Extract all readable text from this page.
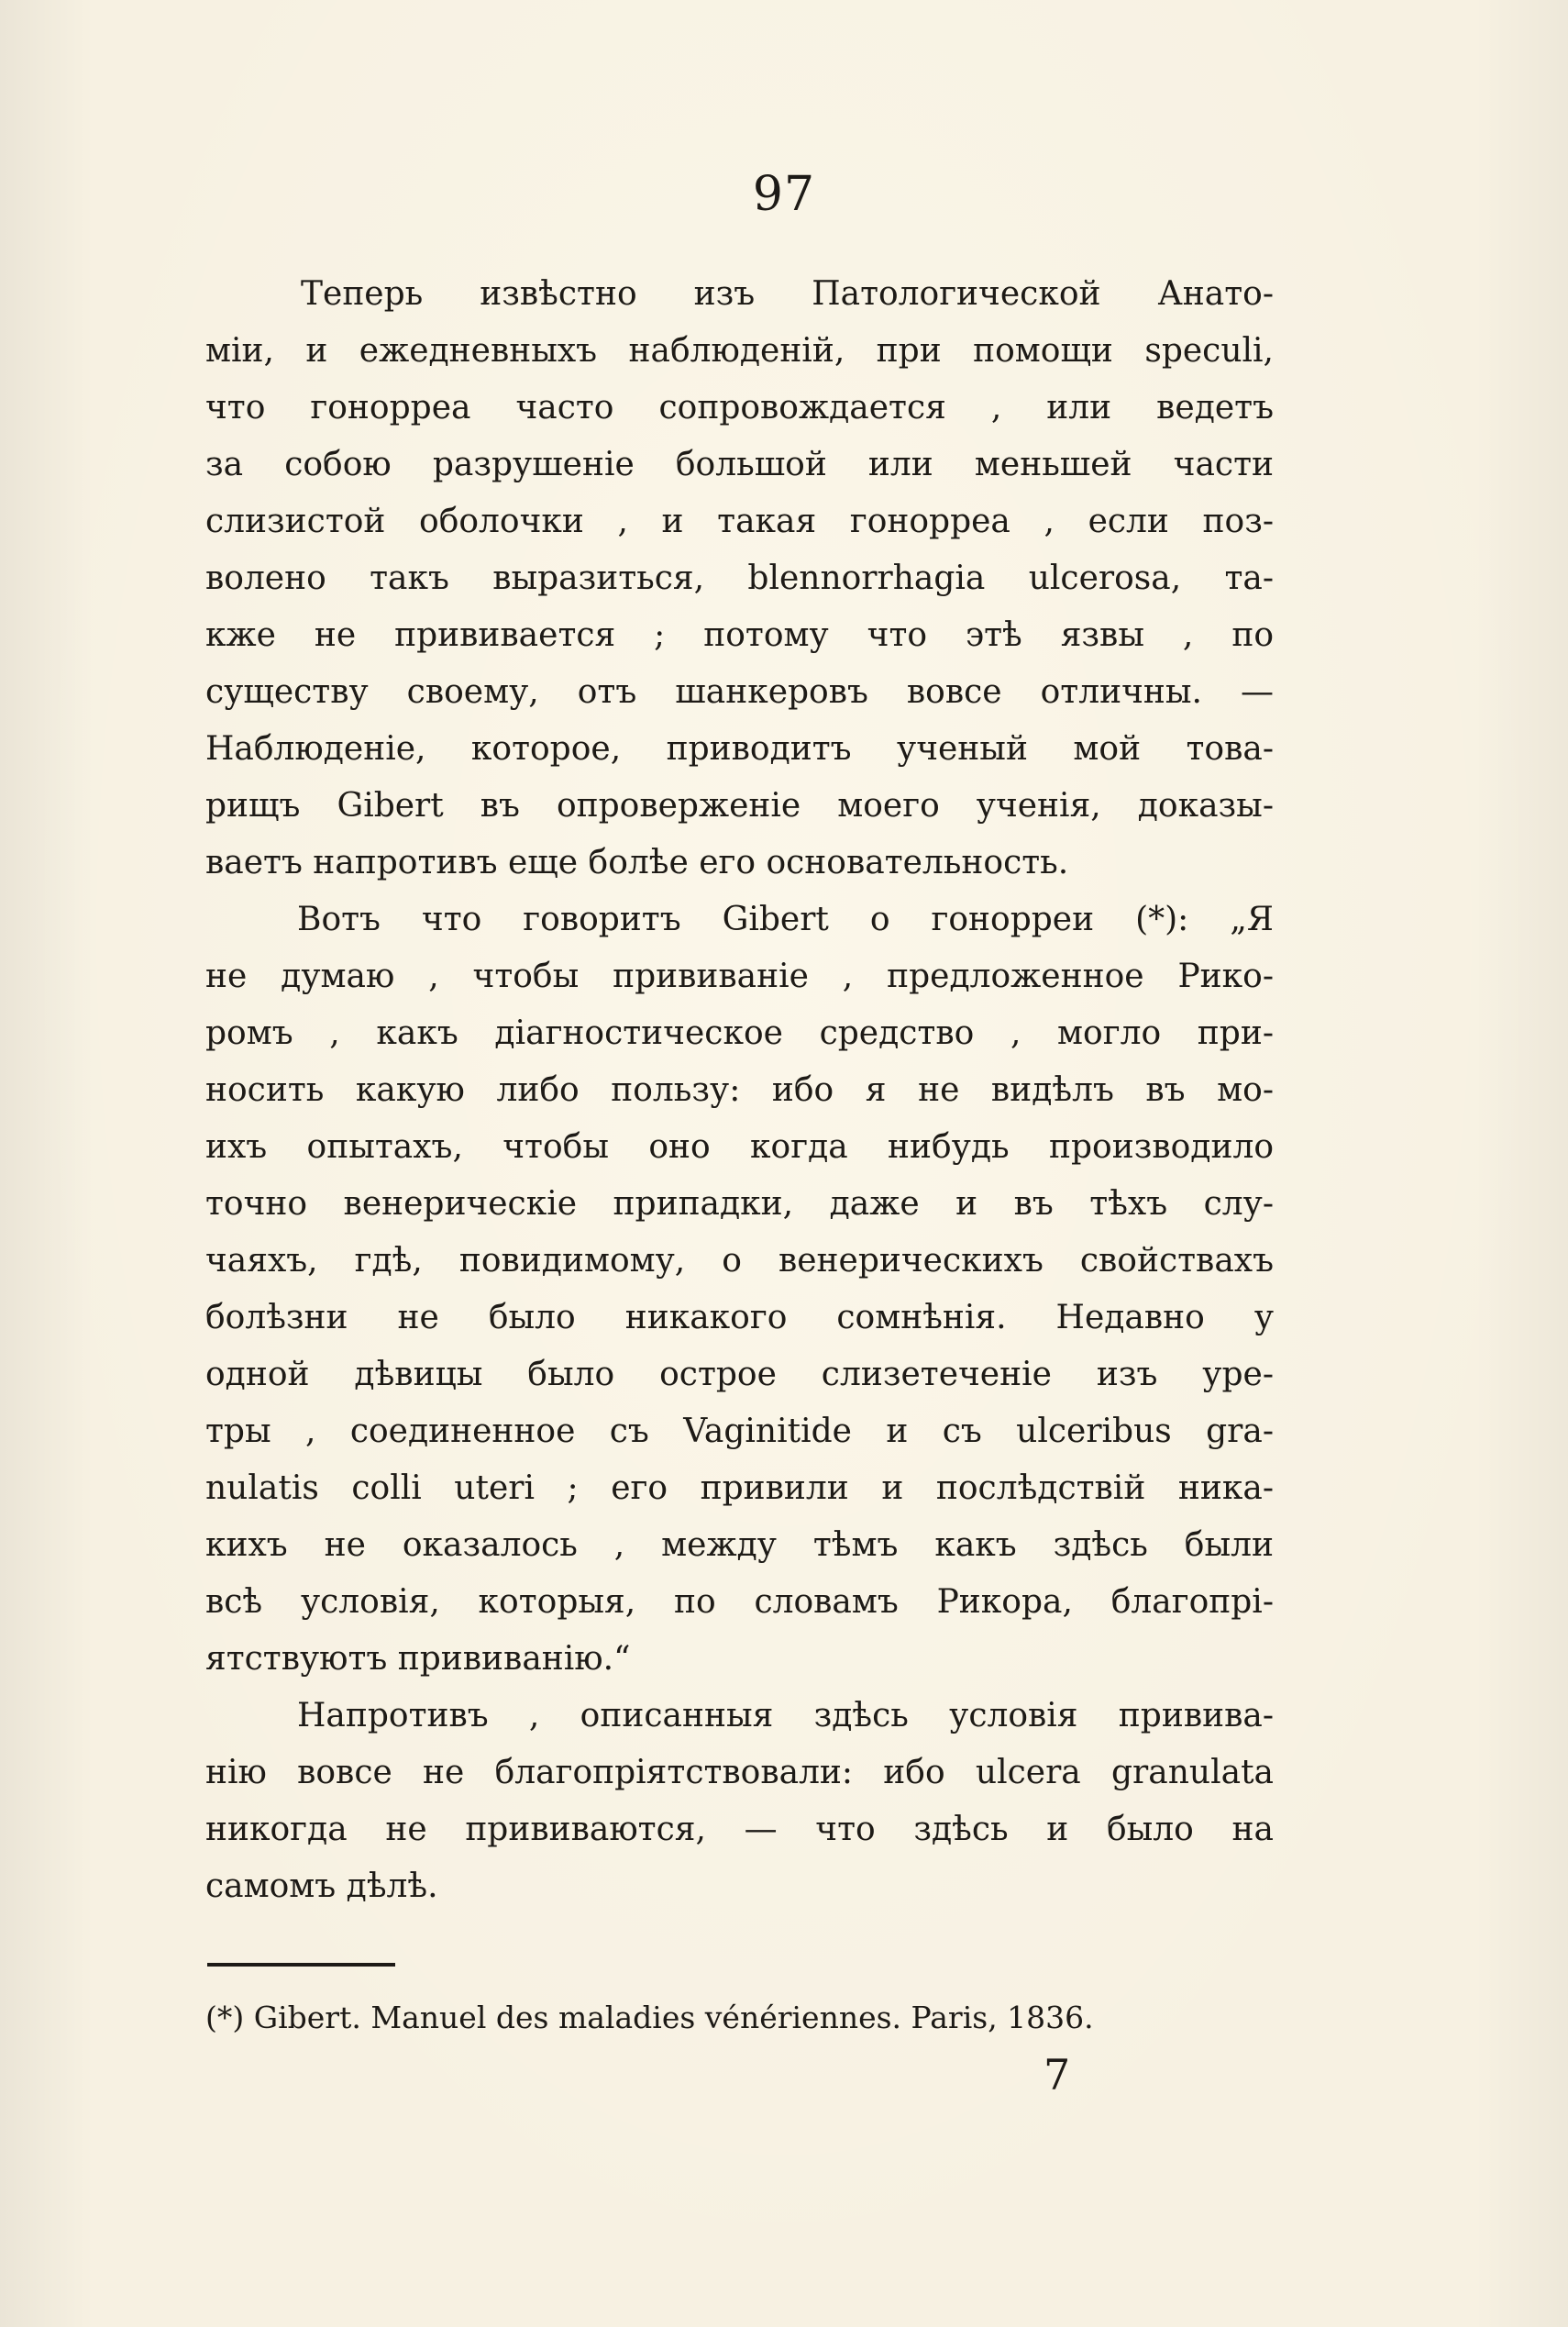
97
Теперь извѣстно изъ Патологической Анато-
міи, и ежедневныхъ наблюденій, при помощи speculi,
что гонорреа часто сопровождается , или ведетъ
за собою разрушеніе большой или меньшей части
слизистой оболочки , и такая гонорреа , если поз-
волено такъ выразиться, blennorrhagia ulcerosa, та-
кже не прививается ; потому что этѣ язвы , по
существу своему, отъ шанкеровъ вовсе отличны. —
Наблюденіе, которое, приводитъ ученый мой това-
рищъ Gibert въ опроверженіе моего ученія, доказы-
ваетъ напротивъ еще болѣе его основательность.
Вотъ что говоритъ Gibert о гонорреи (*): „Я
не думаю , чтобы прививаніе , предложенное Рико-
ромъ , какъ діагностическое средство , могло при-
носить какую либо пользу: ибо я не видѣлъ въ мо-
ихъ опытахъ, чтобы оно когда нибудь производило
точно венерическіе припадки, даже и въ тѣхъ слу-
чаяхъ, гдѣ, повидимому, о венерическихъ свойствахъ
болѣзни не было никакого сомнѣнія. Недавно у
одной дѣвицы было острое слизетеченіе изъ уре-
тры , соединенное съ Vaginitide и съ ulceribus gra-
nulatis colli uteri ; его привили и послѣдствій ника-
кихъ не оказалось , между тѣмъ какъ здѣсь были
всѣ условія, которыя, по словамъ Рикора, благопрі-
ятствуютъ прививанію.“
Напротивъ , описанныя здѣсь условія привива-
нію вовсе не благопріятствовали: ибо ulcera granulata
никогда не прививаются, — что здѣсь и было на
самомъ дѣлѣ.
(*) Gibert. Manuel des maladies vénériennes. Paris, 1836.
7
